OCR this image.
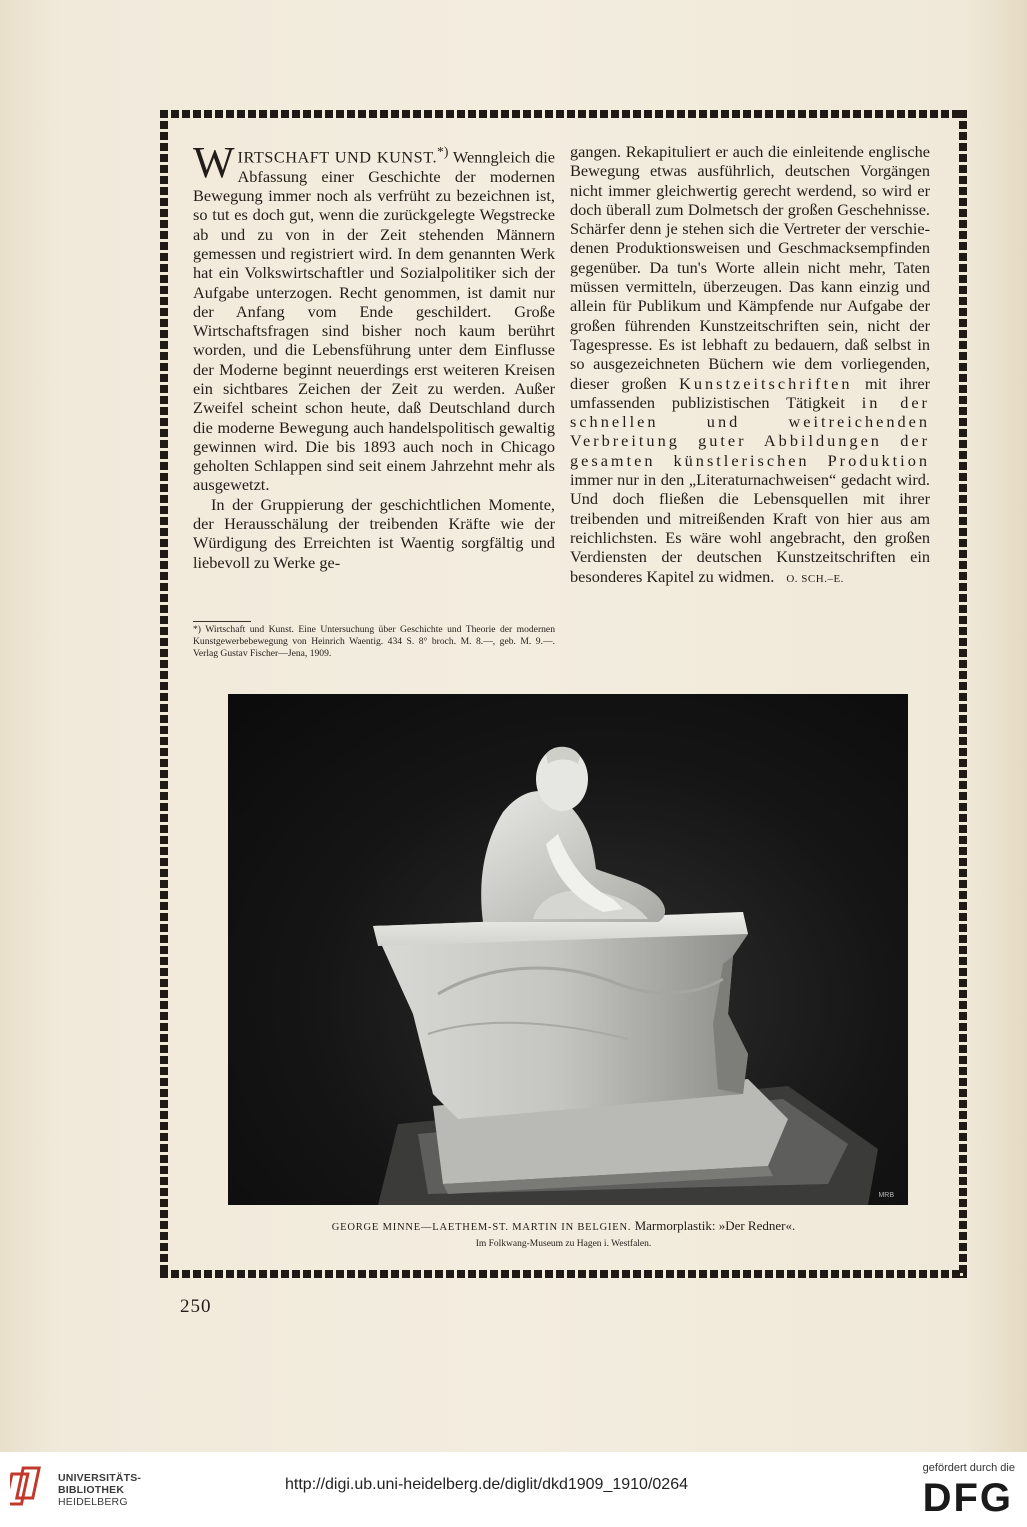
W IRTSCHAFT UND KUNST.*) Wenngleich die Abfassung einer Geschichte der modernen Bewegung immer noch als verfrüht zu bezeichnen ist, so tut es doch gut, wenn die zurückgelegte Wegstrecke ab und zu von in der Zeit stehenden Männern gemessen und registriert wird. In dem genannten Werk hat ein Volkswirtschaftler und Sozialpolitiker sich der Aufgabe unterzogen. Recht genommen, ist damit nur der Anfang vom Ende geschildert. Große Wirtschaftsfragen sind bisher noch kaum berührt worden, und die Lebensführung unter dem Einflusse der Moderne beginnt neuerdings erst weiteren Kreisen ein sichtbares Zeichen der Zeit zu werden. Außer Zweifel scheint schon heute, daß Deutschland durch die moderne Bewegung auch handelspolitisch gewaltig gewinnen wird. Die bis 1893 auch noch in Chicago geholten Schlappen sind seit einem Jahrzehnt mehr als ausgewetzt.

In der Gruppierung der geschichtlichen Momente, der Herausschälung der treibenden Kräfte wie der Würdigung des Erreichten ist Waentig sorgfältig und liebevoll zu Werke ge-

*) Wirtschaft und Kunst. Eine Untersuchung über Geschichte und Theorie der modernen Kunstgewerbebewegung von Heinrich Waentig. 434 S. 8° broch. M. 8.—, geb. M. 9.—. Verlag Gustav Fischer—Jena, 1909.

gangen. Rekapituliert er auch die einleitende englische Bewegung etwas ausführlich, deutschen Vorgängen nicht immer gleichwertig gerecht werdend, so wird er doch überall zum Dolmetsch der großen Geschehnisse. Schärfer denn je stehen sich die Vertreter der verschiedenen Produktionsweisen und Geschmacksempfinden gegenüber. Da tun's Worte allein nicht mehr, Taten müssen vermitteln, überzeugen. Das kann einzig und allein für Publikum und Kämpfende nur Aufgabe der großen führenden Kunstzeitschriften sein, nicht der Tagespresse. Es ist lebhaft zu bedauern, daß selbst in so ausgezeichneten Büchern wie dem vorliegenden, dieser großen Kunstzeitschriften mit ihrer umfassenden publizistischen Tätigkeit in der schnellen und weitreichenden Verbreitung guter Abbildungen der gesamten künstlerischen Produktion immer nur in den „Literaturnachweisen“ gedacht wird. Und doch fließen die Lebensquellen mit ihrer treibenden und mitreißenden Kraft von hier aus am reichlichsten. Es wäre wohl angebracht, den großen Verdiensten der deutschen Kunstzeitschriften ein besonderes Kapitel zu widmen. O. SCH.–E.

MRB
GEORGE MINNE—LAETHEM-ST. MARTIN IN BELGIEN. Marmorplastik: »Der Redner«.
Im Folkwang-Museum zu Hagen i. Westfalen.
250
UNIVERSITÄTS-
BIBLIOTHEK
HEIDELBERG
http://digi.ub.uni-heidelberg.de/diglit/dkd1909_1910/0264
gefördert durch die
DFG
